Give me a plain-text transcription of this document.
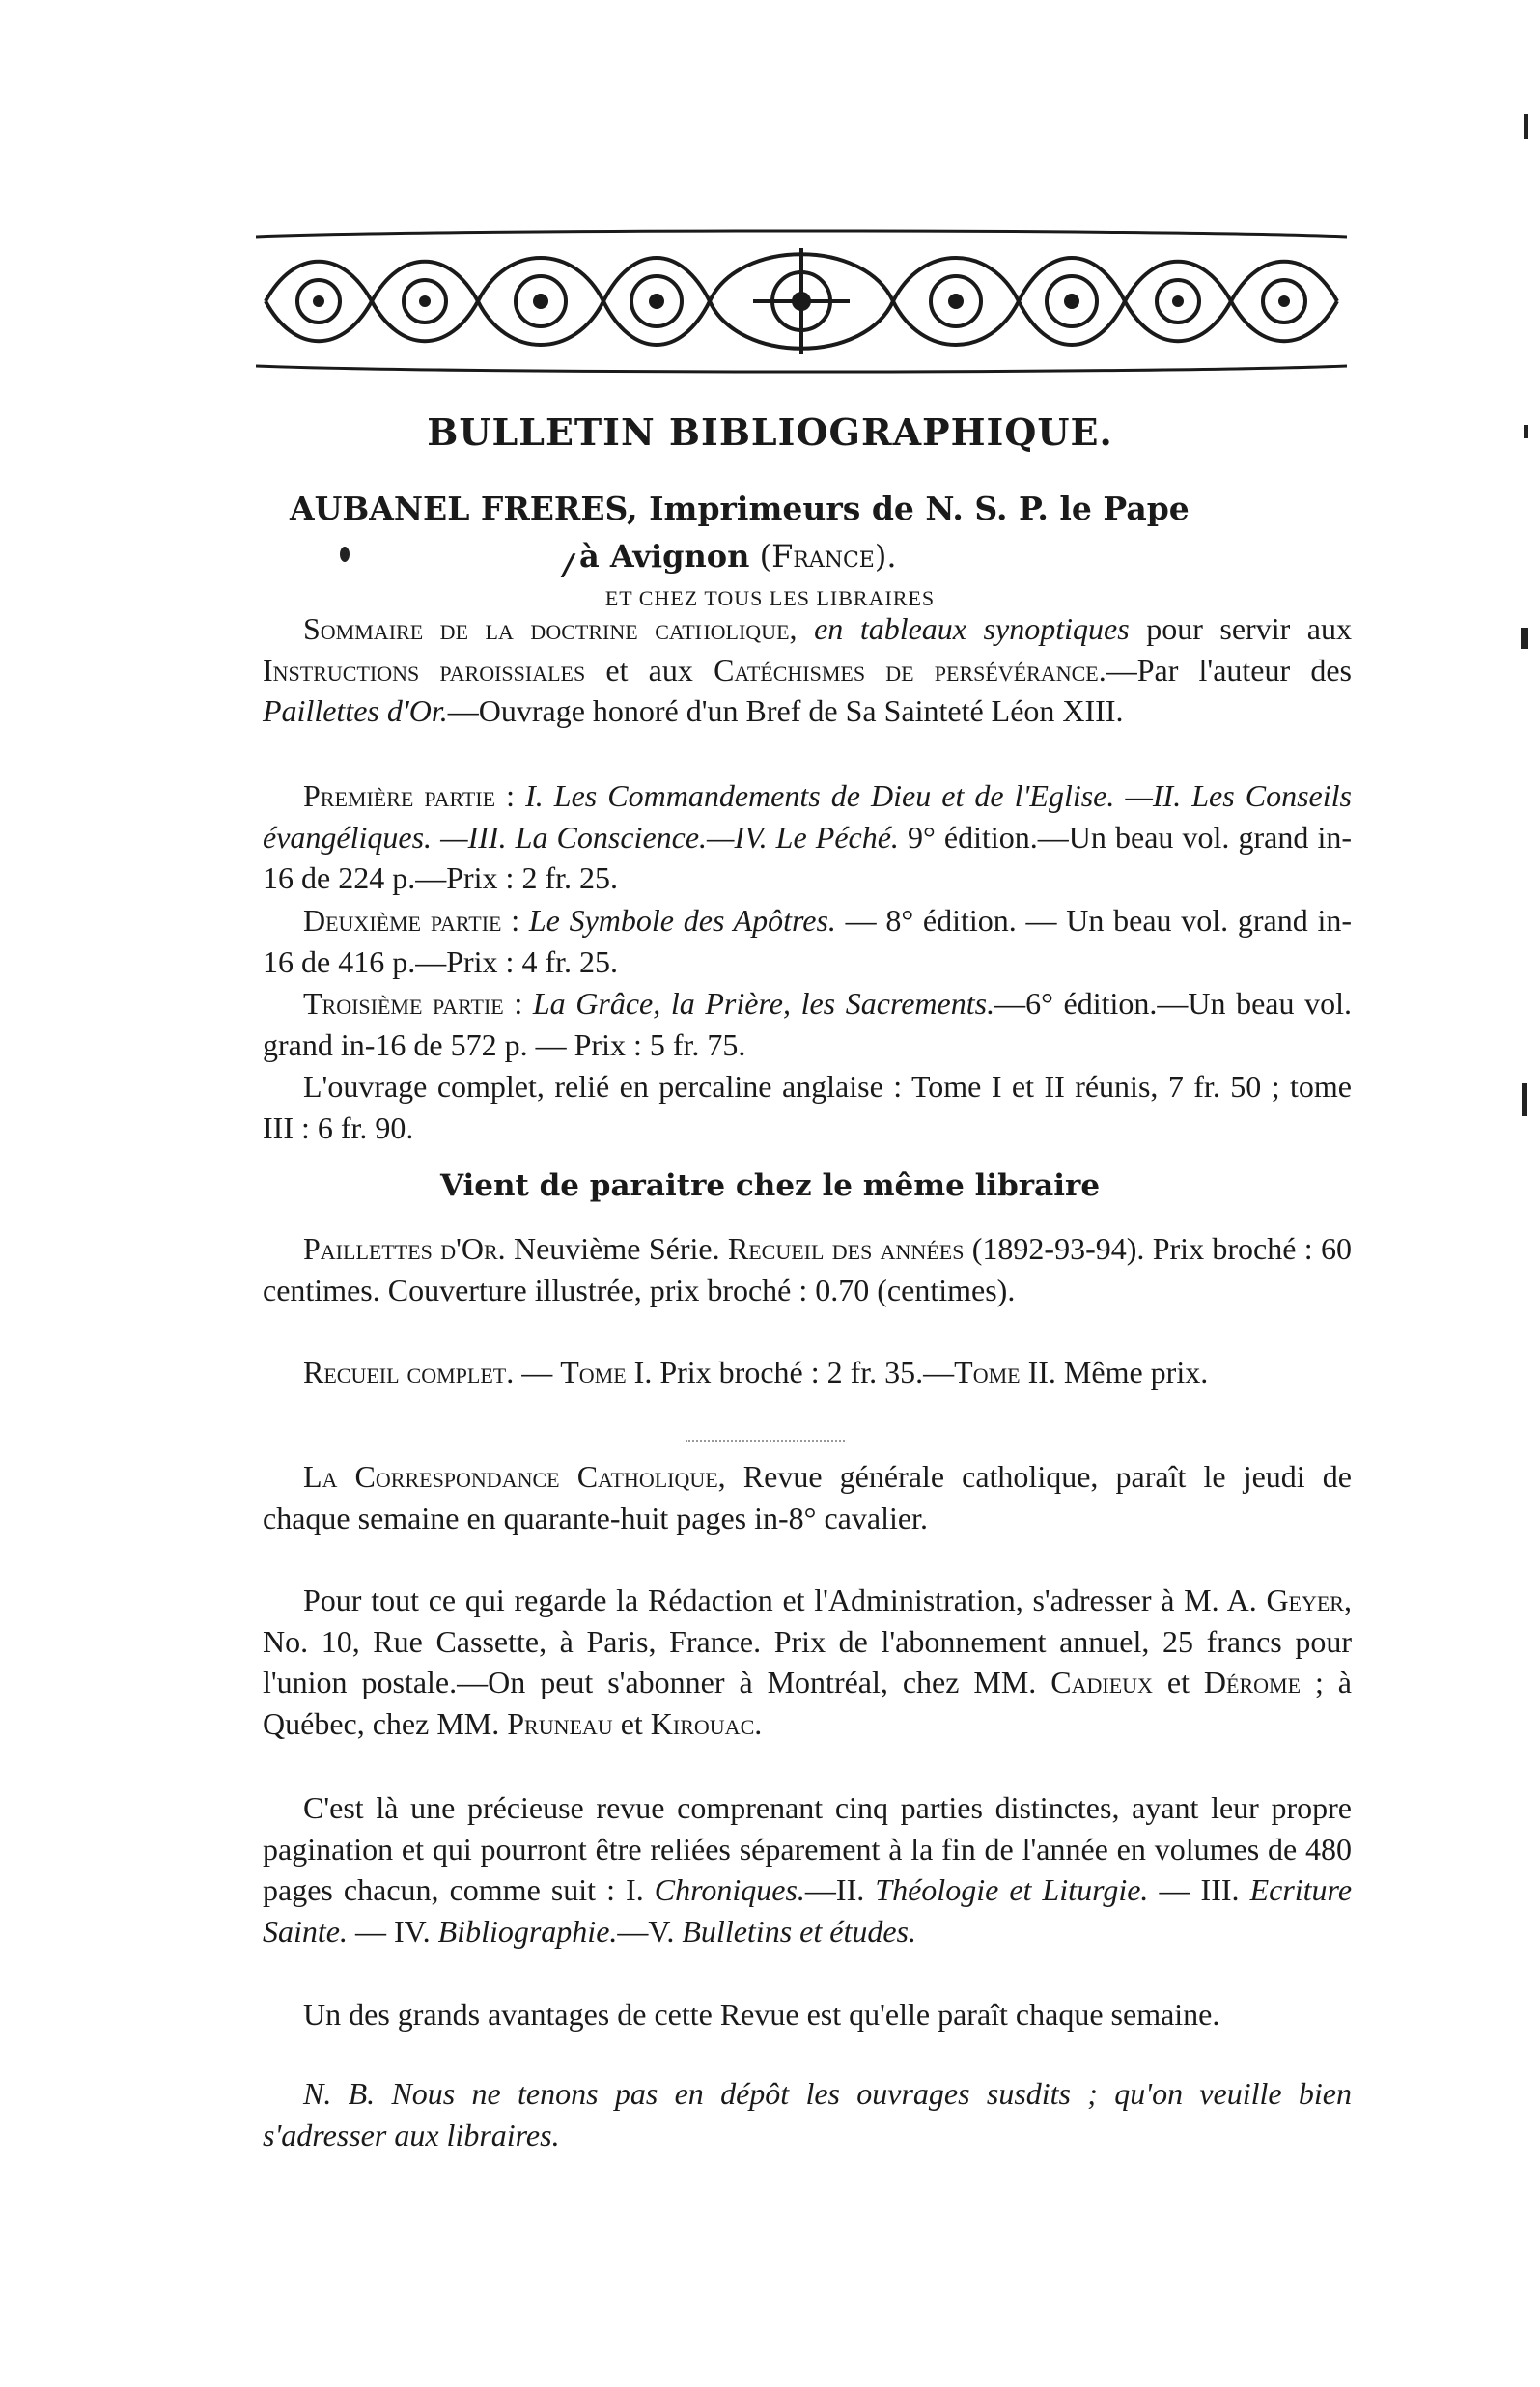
BULLETIN BIBLIOGRAPHIQUE.
AUBANEL FRERES, Imprimeurs de N. S. P. le Pape
/ à Avignon (France).
ET CHEZ TOUS LES LIBRAIRES

Sommaire de la doctrine catholique, en tableaux synoptiques pour servir aux Instructions paroissiales et aux Catéchismes de persévérance.—Par l'auteur des Paillettes d'Or.—Ouvrage honoré d'un Bref de Sa Sainteté Léon XIII.

Première partie : I. Les Commandements de Dieu et de l'Eglise. —II. Les Conseils évangéliques. —III. La Conscience.—IV. Le Péché. 9° édition.—Un beau vol. grand in-16 de 224 p.—Prix : 2 fr. 25.

Deuxième partie : Le Symbole des Apôtres. — 8° édition. — Un beau vol. grand in-16 de 416 p.—Prix : 4 fr. 25.

Troisième partie : La Grâce, la Prière, les Sacrements.—6° édition.—Un beau vol. grand in-16 de 572 p. — Prix : 5 fr. 75.

L'ouvrage complet, relié en percaline anglaise : Tome I et II réunis, 7 fr. 50 ; tome III : 6 fr. 90.

Vient de paraitre chez le même libraire

Paillettes d'Or. Neuvième Série. Recueil des années (1892-93-94). Prix broché : 60 centimes. Couverture illustrée, prix broché : 0.70 (centimes).

Recueil complet. — Tome I. Prix broché : 2 fr. 35.—Tome II. Même prix.

La Correspondance Catholique, Revue générale catholique, paraît le jeudi de chaque semaine en quarante-huit pages in-8° cavalier.

Pour tout ce qui regarde la Rédaction et l'Administration, s'adresser à M. A. Geyer, No. 10, Rue Cassette, à Paris, France. Prix de l'abonnement annuel, 25 francs pour l'union postale.—On peut s'abonner à Montréal, chez MM. Cadieux et Dérome ; à Québec, chez MM. Pruneau et Kirouac.

C'est là une précieuse revue comprenant cinq parties distinctes, ayant leur propre pagination et qui pourront être reliées séparement à la fin de l'année en volumes de 480 pages chacun, comme suit : I. Chroniques.—II. Théologie et Liturgie. — III. Ecriture Sainte. — IV. Bibliographie.—V. Bulletins et études.

Un des grands avantages de cette Revue est qu'elle paraît chaque semaine.

N. B. Nous ne tenons pas en dépôt les ouvrages susdits ; qu'on veuille bien s'adresser aux libraires.
